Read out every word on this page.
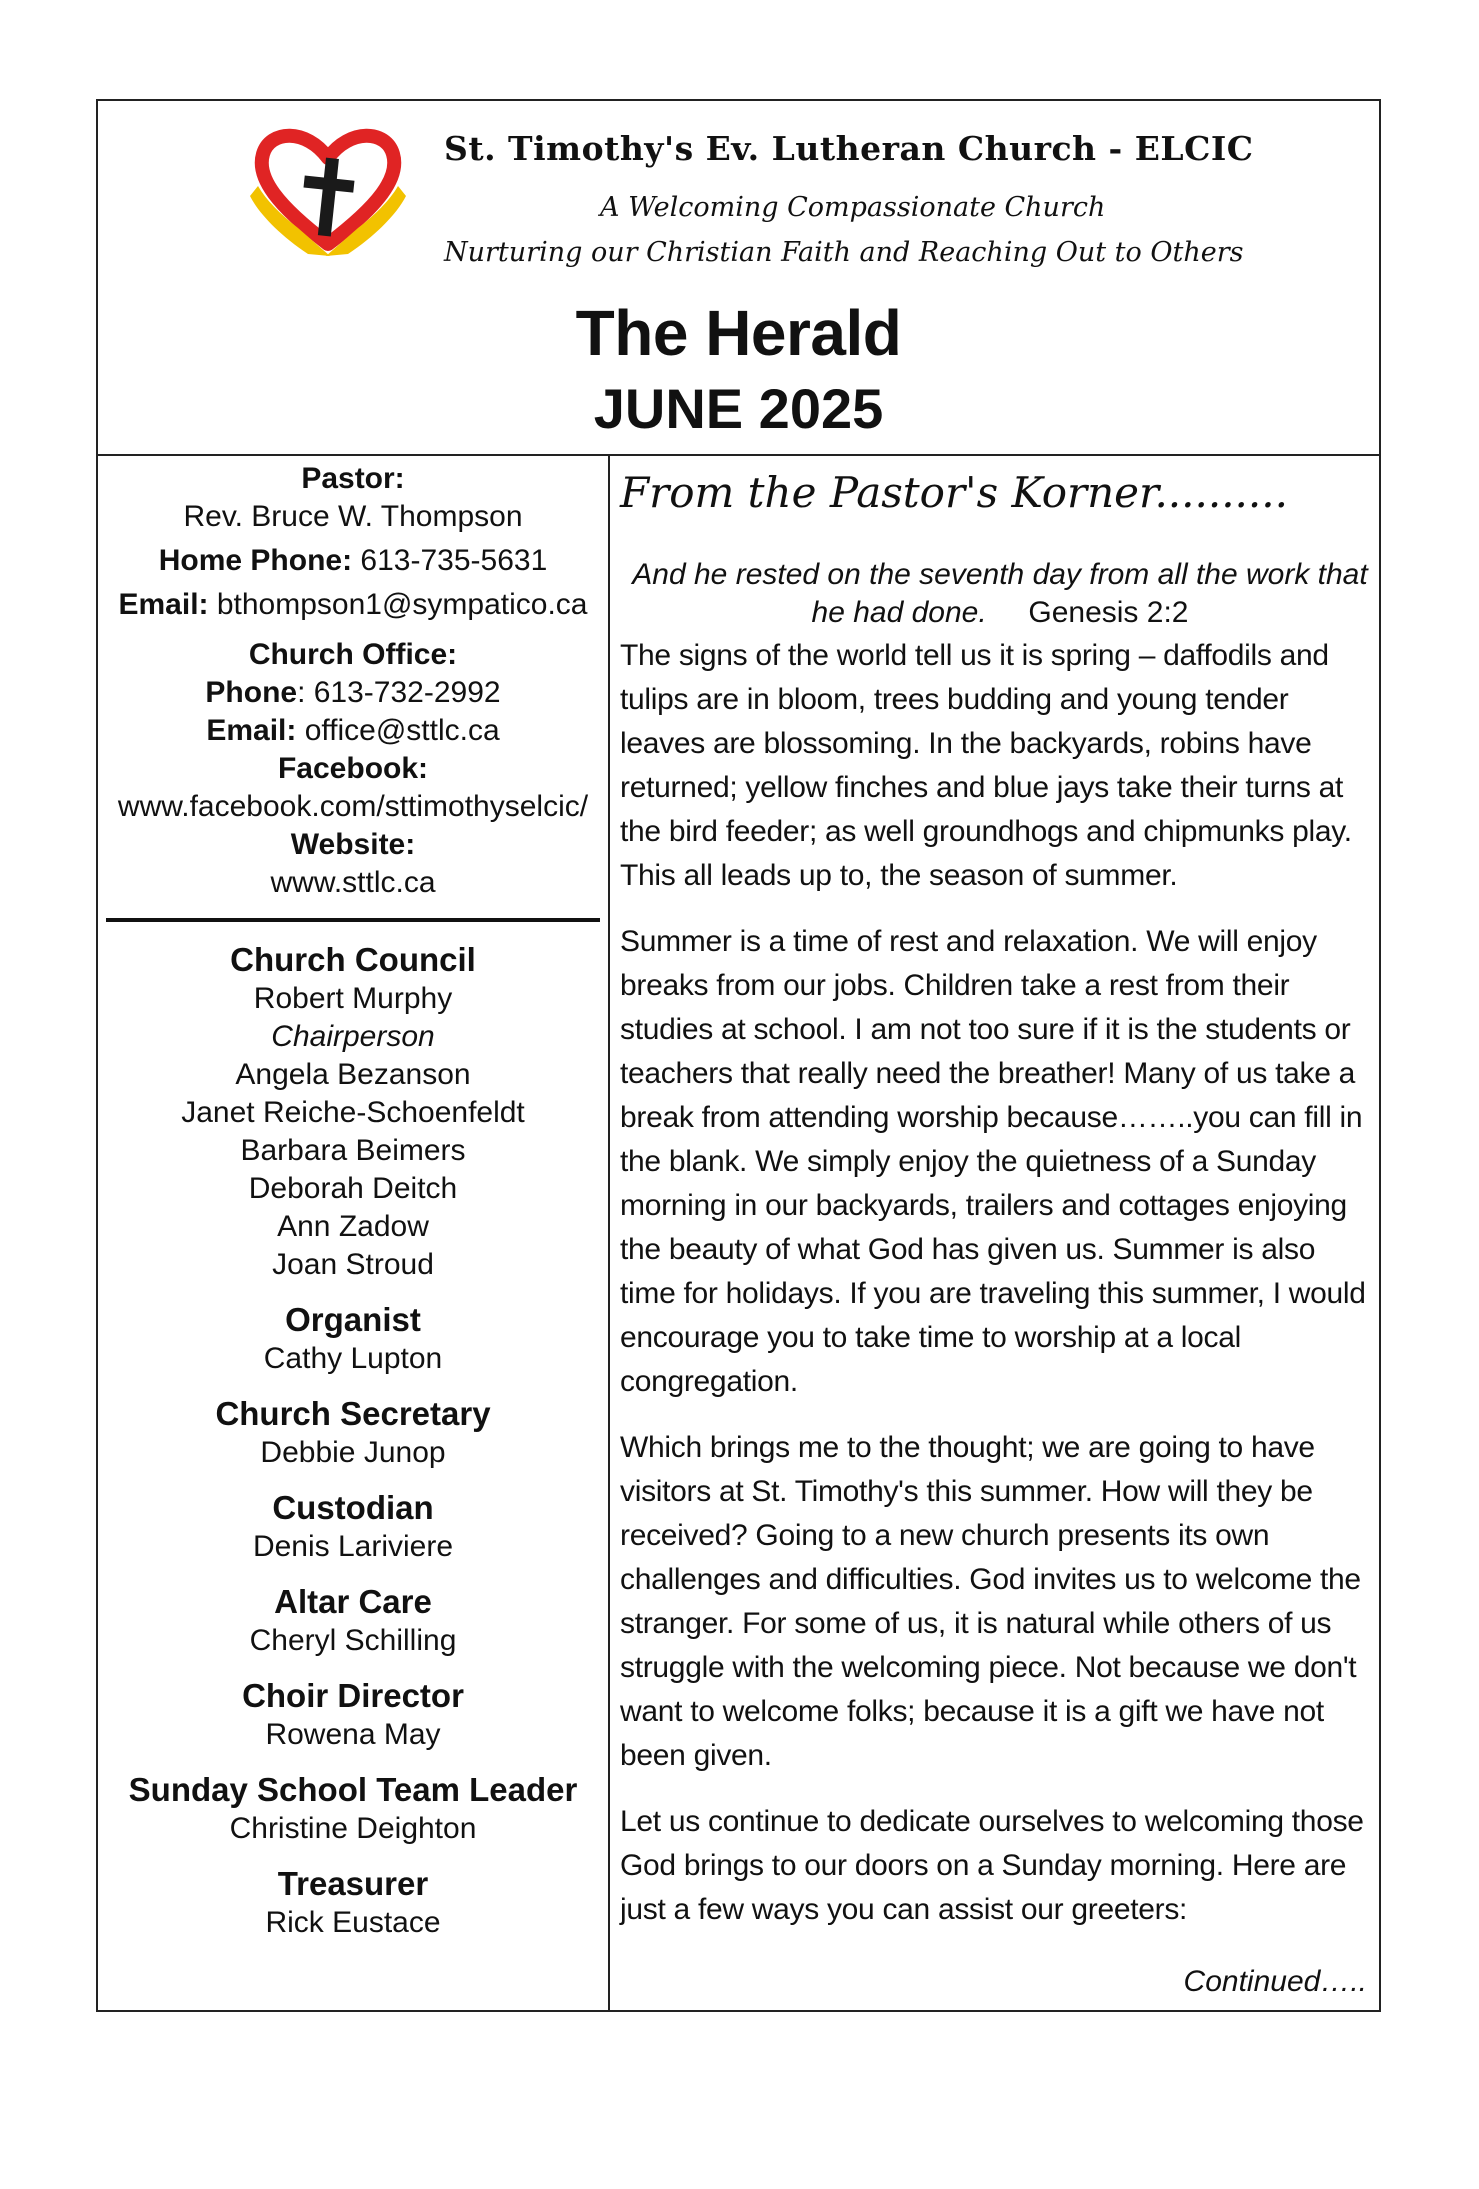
St. Timothy's Ev. Lutheran Church - ELCIC
A Welcoming Compassionate Church
Nurturing our Christian Faith and Reaching Out to Others
The Herald
JUNE 2025
Pastor:
Rev. Bruce W. Thompson
Home Phone: 613-735-5631
Email: bthompson1@sympatico.ca
Church Office:
Phone: 613-732-2992
Email: office@sttlc.ca
Facebook:
www.facebook.com/sttimothyselcic/
Website:
www.sttlc.ca
Church Council
Robert Murphy
Chairperson
Angela Bezanson
Janet Reiche-Schoenfeldt
Barbara Beimers
Deborah Deitch
Ann Zadow
Joan Stroud
Organist
Cathy Lupton
Church Secretary
Debbie Junop
Custodian
Denis Lariviere
Altar Care
Cheryl Schilling
Choir Director
Rowena May
Sunday School Team Leader
Christine Deighton
Treasurer
Rick Eustace
From the Pastor's Korner..........
And he rested on the seventh day from all the work that he had done. Genesis 2:2

The signs of the world tell us it is spring – daffodils and tulips are in bloom, trees budding and young tender leaves are blossoming. In the backyards, robins have returned; yellow finches and blue jays take their turns at the bird feeder; as well groundhogs and chipmunks play. This all leads up to, the season of summer.

Summer is a time of rest and relaxation. We will enjoy breaks from our jobs. Children take a rest from their studies at school. I am not too sure if it is the students or teachers that really need the breather! Many of us take a break from attending worship because……..you can fill in the blank. We simply enjoy the quietness of a Sunday morning in our backyards, trailers and cottages enjoying the beauty of what God has given us. Summer is also time for holidays. If you are traveling this summer, I would encourage you to take time to worship at a local congregation.

Which brings me to the thought; we are going to have visitors at St. Timothy's this summer. How will they be received? Going to a new church presents its own challenges and difficulties. God invites us to welcome the stranger. For some of us, it is natural while others of us struggle with the welcoming piece. Not because we don't want to welcome folks; because it is a gift we have not been given.

Let us continue to dedicate ourselves to welcoming those God brings to our doors on a Sunday morning. Here are just a few ways you can assist our greeters:

Continued…..
